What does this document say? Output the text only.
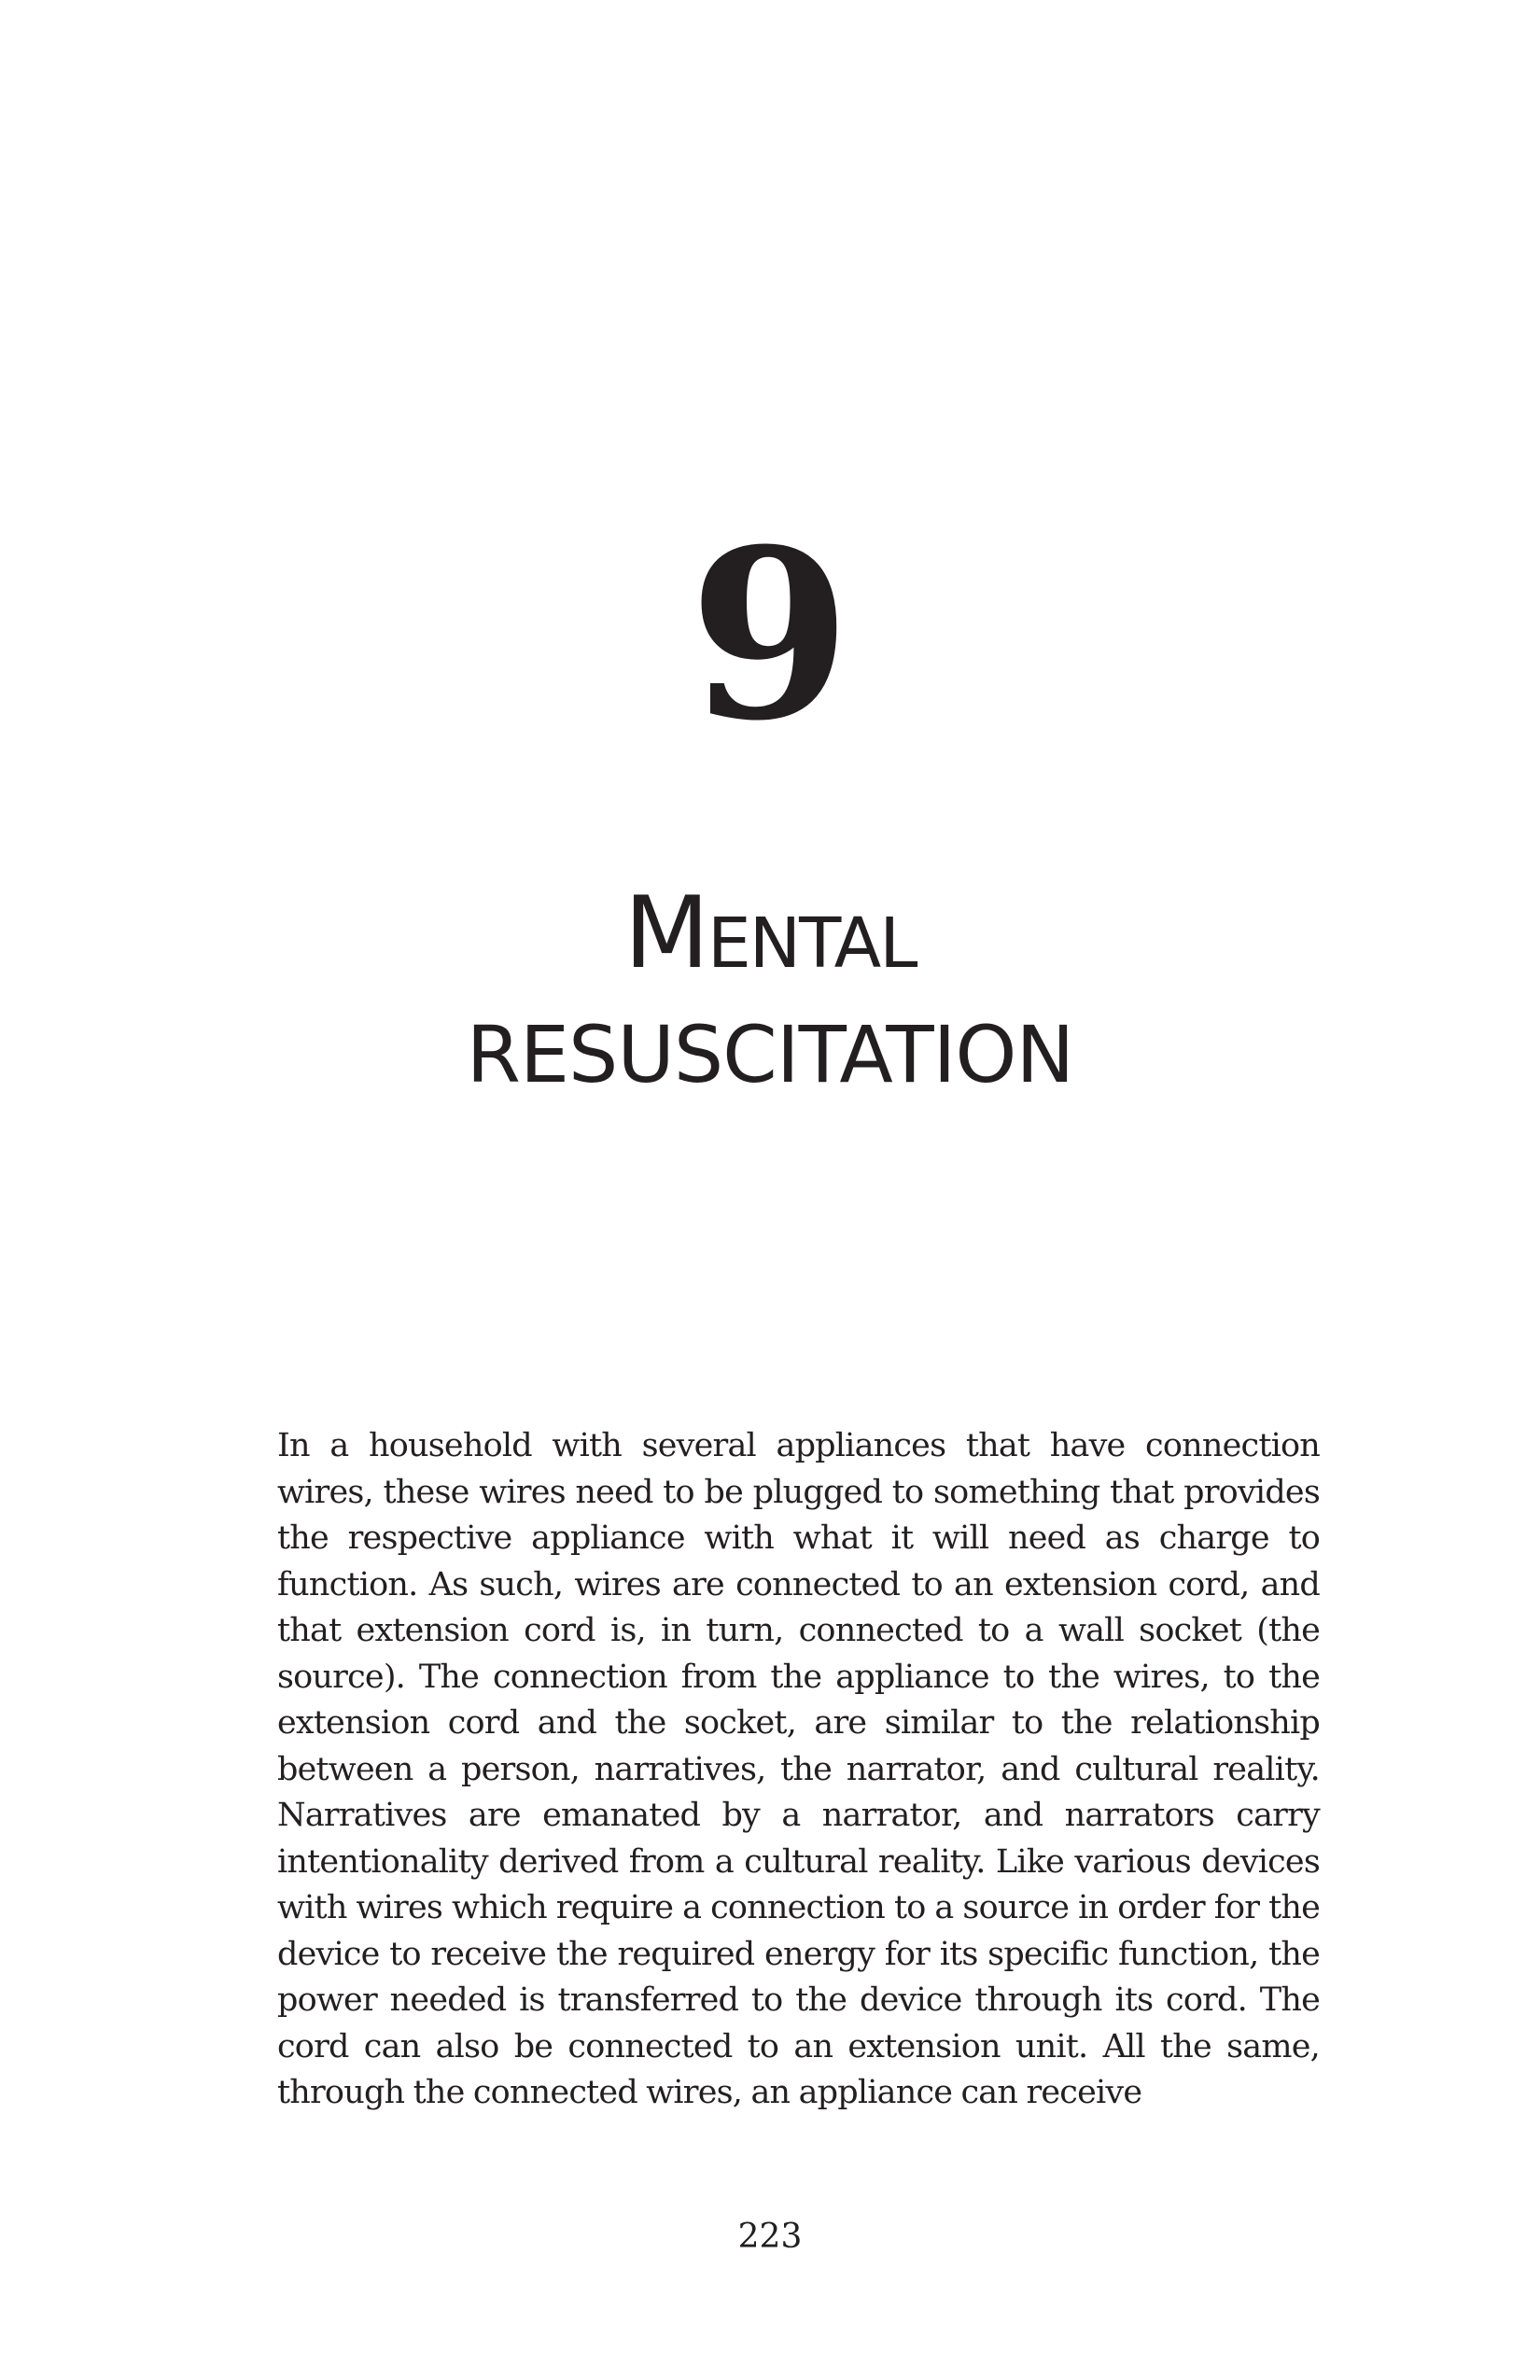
9
Mental
RESUSCITATION

In a household with several appliances that have connection wires, these wires need to be plugged to something that provides the respective appliance with what it will need as charge to function. As such, wires are connected to an extension cord, and that extension cord is, in turn, connected to a wall socket (the source). The connection from the appliance to the wires, to the extension cord and the socket, are similar to the relationship between a person, narratives, the narrator, and cultural reality. Narratives are emanated by a narrator, and narrators carry intentionality derived from a cultural reality. Like various devices with wires which require a connection to a source in order for the device to receive the required energy for its specific function, the power needed is transferred to the device through its cord. The cord can also be connected to an extension unit. All the same, through the connected wires, an appliance can receive

223
